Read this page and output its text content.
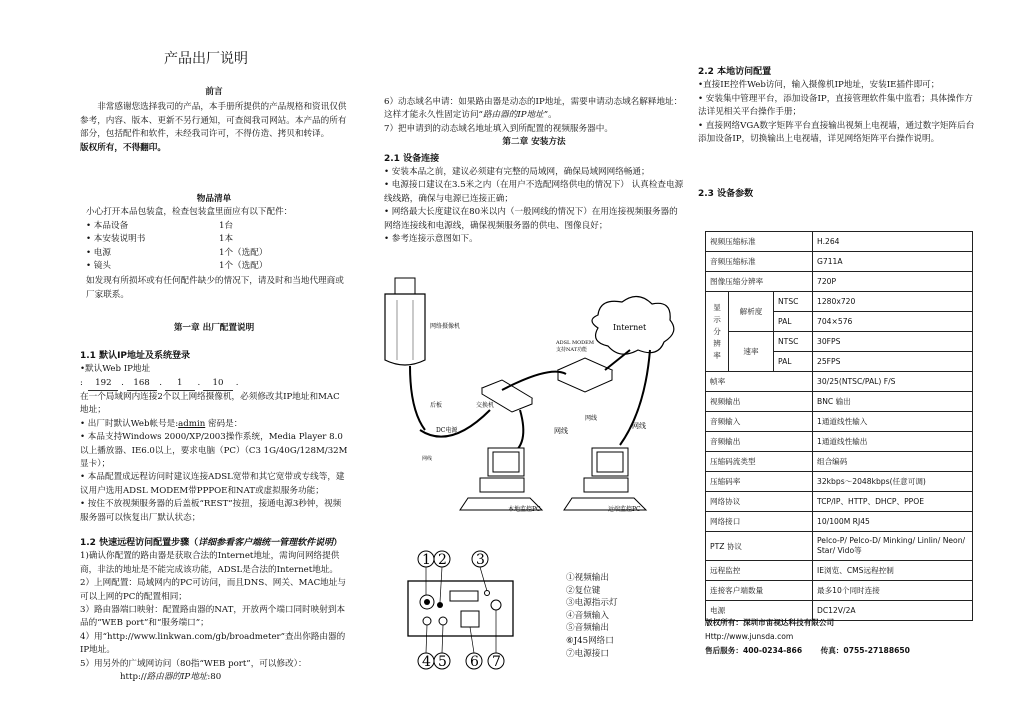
产品出厂说明

前言

非常感谢您选择我司的产品，本手册所提供的产品规格和资讯仅供参考，内容、版本、更新不另行通知，可查阅我司网站。本产品的所有部分，包括配件和软件，未经我司许可，不得仿造、拷贝和转译。

版权所有，不得翻印。

物品清单

小心打开本品包装盒，检查包装盒里面应有以下配件：

• 本品设备	1台
• 本安装说明书	1本
• 电源	1个（选配）
• 镜头	1个（选配）

如发现有所损坏或有任何配件缺少的情况下，请及时和当地代理商或厂家联系。

第一章 出厂配置说明

1.1 默认IP地址及系统登录

•默认Web IP地址

:
	192 . 168 .	1	.	10	.

在一个局域网内连接2个以上网络摄像机，必须修改其IP地址和MAC地址；

• 出厂时默认Web帐号是:admin 密码是：

• 本品支持Windows 2000/XP/2003操作系统，Media Player 8.0以上播放器、IE6.0以上，要求电脑（PC）（C3 1G/40G/128M/32M显卡）；

• 本品配置成远程访问时建议连接ADSL宽带和其它宽带或专线等，建议用户选用ADSL MODEM带PPPOE和NAT或虚拟服务功能；

• 按住不放视频服务器的后盖板“REST”按扭，接通电源3秒钟，视频服务器可以恢复出厂默认状态；

1.2 快速远程访问配置步骤（详细参看客户端统一管理软件说明）

1)确认你配置的路由器是获取合法的Internet地址，需询问网络提供商，非法的地址是不能完成该功能，ADSL是合法的Internet地址。

2）上网配置：局域网内的PC可访问，而且DNS、网关、MAC地址与可以上网的PC的配置相同；

3）路由器端口映射：配置路由器的NAT，开放两个端口同时映射到本品的“WEB port”和“服务端口”；

4）用“http://www.linkwan.com/gb/broadmeter”查出你路由器的IP地址。

5）用另外的广域网访问（80指“WEB port”，可以修改）：

http://路由器的IP地址:80

6）动态域名申请：如果路由器是动态的IP地址，需要申请动态域名解释地址：这样才能永久性固定访问“路由器的IP地址”。

7）把申请到的动态域名地址填入到所配置的视频服务器中。

第二章 安装方法

2.1 设备连接

• 安装本品之前，建议必须建有完整的局域网，确保局域网网络畅通；

• 电源接口建议在3.5米之内（在用户不选配网络供电的情况下） 认真检查电源线线路，确保与电源已连接正确；

• 网络最大长度建议在80米以内（一般网线的情况下）在用连接视频服务器的网络连接线和电源线，确保视频服务器的供电、图像良好；

• 参考连接示意图如下。

网络摄像机	Internet
ADSL MODEM
支持NAT功能
交换机
后板
DC电源	网线
网线
网线
网线
本地监控PC	远端监控PC
1 2 3
4 5 6 7

①视频输出

②复位键

③电源指示灯

④音频输入

⑤音频输出

⑥J45网络口

⑦电源接口

2.2 本地访问配置

•直接IE控件Web访问，输入摄像机IP地址，安装IE插件即可；

• 安装集中管理平台，添加设备IP，直接管理软件集中监看；具体操作方法详见相关平台操作手册；

• 直接网络VGA数字矩阵平台直接输出视频上电视墙，通过数字矩阵后台添加设备IP，切换输出上电视墙，详见网络矩阵平台操作说明。

2.3 设备参数

视频压缩标准			H.264
音频压缩标准			G711A
图像压缩分辨率			720P
显示分辨率	解析度	NTSC	1280x720
		PAL	704×576
	速率	NTSC	30FPS
		PAL	25FPS
帧率			30/25(NTSC/PAL) F/S
视频输出			BNC 输出
音频输入			1通道线性输入
音频输出			1通道线性输出
压缩码流类型			组合编码
压缩码率			32kbps～2048kbps(任意可调)
网络协议			TCP/IP、HTTP、DHCP、PPOE
网络接口			10/100M RJ45
PTZ 协议			Pelco-P/ Pelco-D/ Minking/ Linlin/ Neon/ Star/ Vido等
远程监控			IE浏览、CMS远程控制
连接客户端数量			最多10个同时连接
电源			DC12V/2A

版权所有：深圳市宙视达科技有限公司

Http://www.junsda.com

售后服务：400-0234-866 传真：0755-27188650
